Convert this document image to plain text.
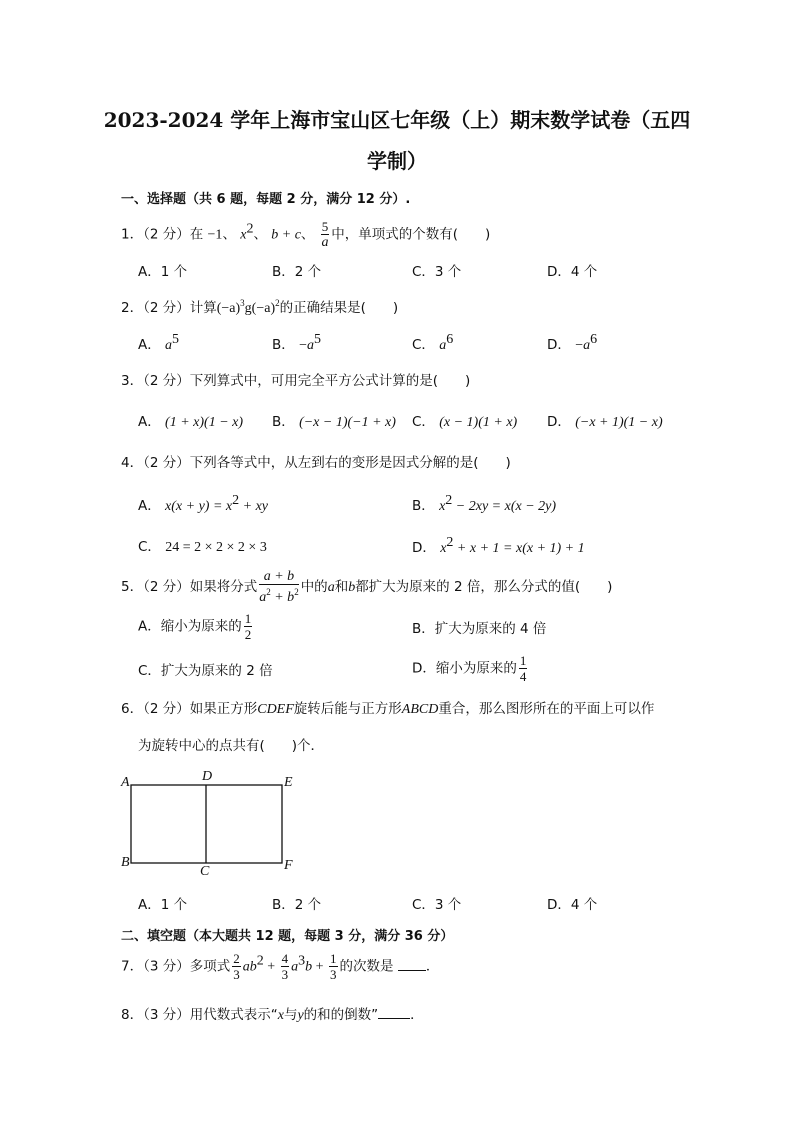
2023-2024 学年上海市宝山区七年级（上）期末数学试卷（五四
学制）
一、选择题（共 6 题，每题 2 分，满分 12 分）.
1．（2 分）在 −1、 $x^2$、 b + c、 $\frac{5}{a}$ 中，单项式的个数有(　　)
A．1 个	B．2 个	C．3 个	D．4 个
2．（2 分）计算$(-a)^3g(-a)^2$的正确结果是(　　)
A． $a^5$	B． $-a^5$	C． $a^6$	D． $-a^6$
3．（2 分）下列算式中，可用完全平方公式计算的是(　　)
A． (1 + x)(1 − x) B． (−x − 1)(−1 + x) C． (x − 1)(1 + x) D． (−x + 1)(1 − x)
4．（2 分）下列各等式中，从左到右的变形是因式分解的是(　　)
A． $x(x + y) = x^2$ + xy	B． $x^2 - 2xy = x(x - 2y)$
C． 24 = 2 × 2 × 2 × 3	D． $x^2 + x + 1 = x(x + 1) + 1$
5．（2 分）如果将分式 $\frac{a + b}{a^2 + b^2}$ 中的a和b都扩大为原来的 2 倍，那么分式的值(　　)
A．缩小为原来的 $\frac{1}{2}$	B．扩大为原来的 4 倍
C．扩大为原来的 2 倍	D．缩小为原来的 $\frac{1}{4}$
6．（2 分）如果正方形CDEF旋转后能与正方形ABCD重合，那么图形所在的平面上可以作
为旋转中心的点共有(　　)个．
A	D	E
B
C	F
A．1 个	B．2 个	C．3 个	D．4 个
二、填空题（本大题共 12 题，每题 3 分，满分 36 分）
7．（3 分）多项式 $\frac{2}{3} ab^2 + \frac{4}{3} a^3b + \frac{1}{3}$ 的次数是 ．
8．（3 分）用代数式表示“x与y的和的倒数” ．
